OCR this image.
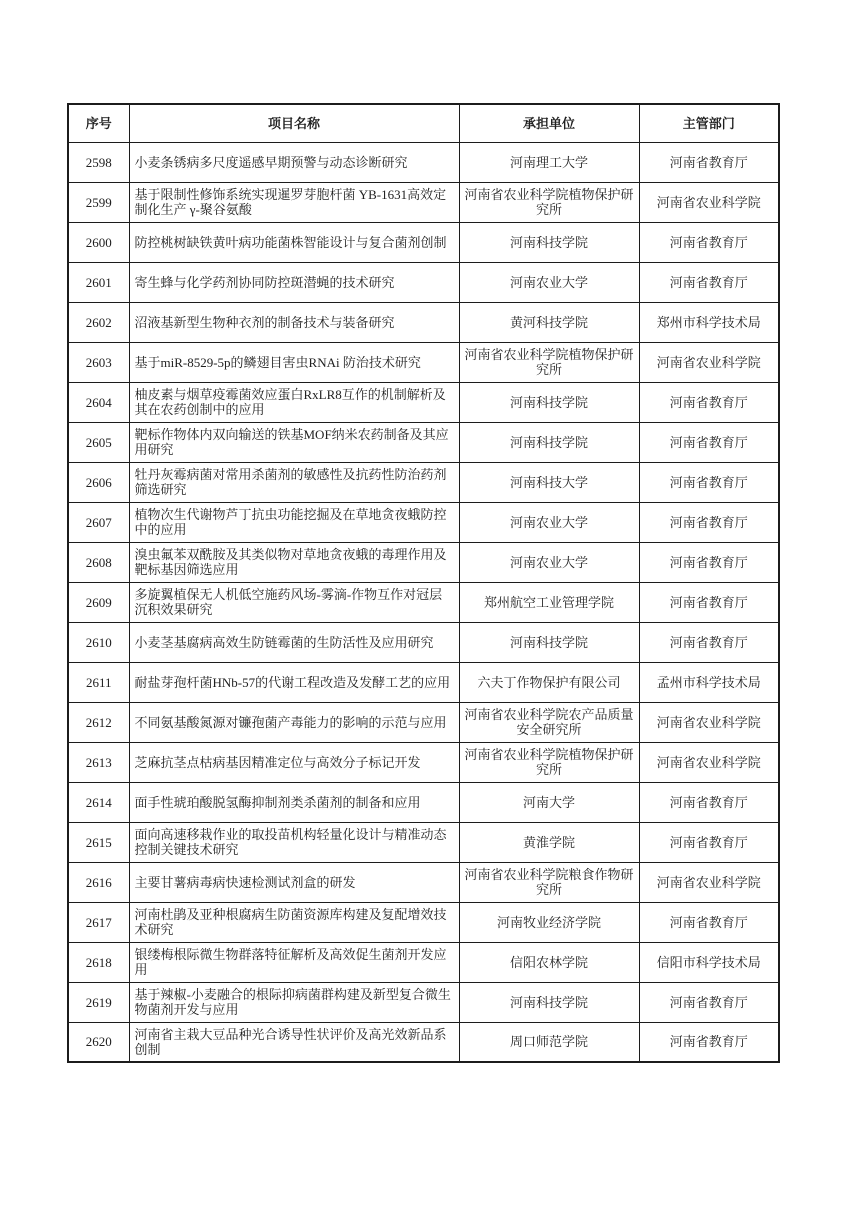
序号	项目名称	承担单位	主管部门
2598	小麦条锈病多尺度遥感早期预警与动态诊断研究	河南理工大学	河南省教育厅
2599	基于限制性修饰系统实现暹罗芽胞杆菌 YB-1631高效定制化生产 γ-聚谷氨酸	河南省农业科学院植物保护研究所	河南省农业科学院
2600	防控桃树缺铁黄叶病功能菌株智能设计与复合菌剂创制	河南科技学院	河南省教育厅
2601	寄生蜂与化学药剂协同防控斑潜蝇的技术研究	河南农业大学	河南省教育厅
2602	沼液基新型生物种衣剂的制备技术与装备研究	黄河科技学院	郑州市科学技术局
2603	基于miR-8529-5p的鳞翅目害虫RNAi 防治技术研究	河南省农业科学院植物保护研究所	河南省农业科学院
2604	柚皮素与烟草疫霉菌效应蛋白RxLR8互作的机制解析及其在农药创制中的应用	河南科技学院	河南省教育厅
2605	靶标作物体内双向输送的铁基MOF纳米农药制备及其应用研究	河南科技学院	河南省教育厅
2606	牡丹灰霉病菌对常用杀菌剂的敏感性及抗药性防治药剂筛选研究	河南科技大学	河南省教育厅
2607	植物次生代谢物芦丁抗虫功能挖掘及在草地贪夜蛾防控中的应用	河南农业大学	河南省教育厅
2608	溴虫氟苯双酰胺及其类似物对草地贪夜蛾的毒理作用及靶标基因筛选应用	河南农业大学	河南省教育厅
2609	多旋翼植保无人机低空施药风场-雾滴-作物互作对冠层沉积效果研究	郑州航空工业管理学院	河南省教育厅
2610	小麦茎基腐病高效生防链霉菌的生防活性及应用研究	河南科技学院	河南省教育厅
2611	耐盐芽孢杆菌HNb-57的代谢工程改造及发酵工艺的应用	六夫丁作物保护有限公司	孟州市科学技术局
2612	不同氨基酸氮源对镰孢菌产毒能力的影响的示范与应用	河南省农业科学院农产品质量安全研究所	河南省农业科学院
2613	芝麻抗茎点枯病基因精准定位与高效分子标记开发	河南省农业科学院植物保护研究所	河南省农业科学院
2614	面手性琥珀酸脱氢酶抑制剂类杀菌剂的制备和应用	河南大学	河南省教育厅
2615	面向高速移栽作业的取投苗机构轻量化设计与精准动态控制关键技术研究	黄淮学院	河南省教育厅
2616	主要甘薯病毒病快速检测试剂盒的研发	河南省农业科学院粮食作物研究所	河南省农业科学院
2617	河南杜鹃及亚种根腐病生防菌资源库构建及复配增效技术研究	河南牧业经济学院	河南省教育厅
2618	银缕梅根际微生物群落特征解析及高效促生菌剂开发应用	信阳农林学院	信阳市科学技术局
2619	基于辣椒-小麦融合的根际抑病菌群构建及新型复合微生物菌剂开发与应用	河南科技学院	河南省教育厅
2620	河南省主栽大豆品种光合诱导性状评价及高光效新品系创制	周口师范学院	河南省教育厅
